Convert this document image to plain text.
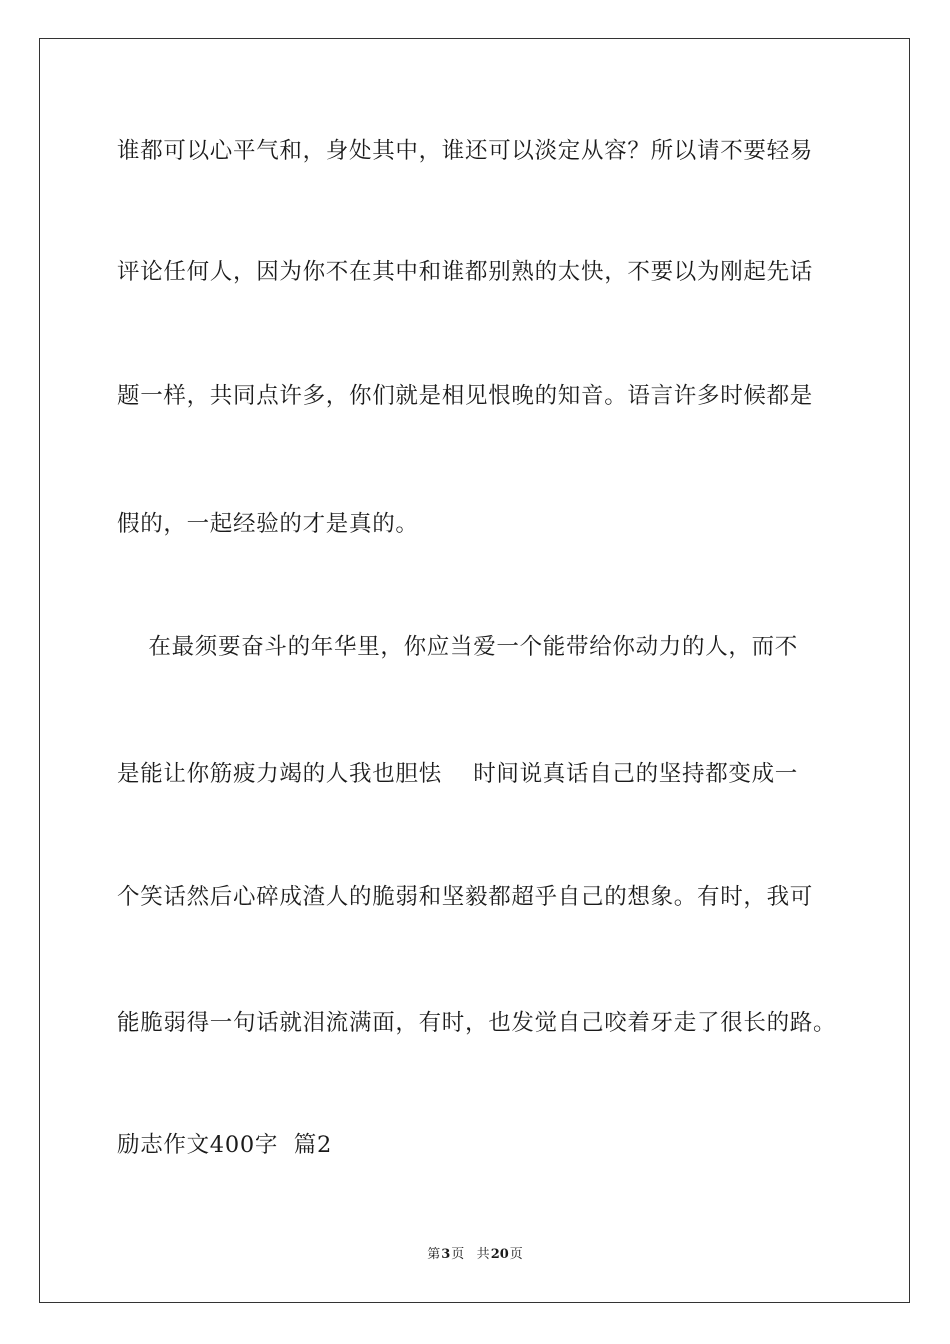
谁都可以心平气和，身处其中，谁还可以淡定从容？所以请不要轻易
评论任何人，因为你不在其中和谁都别熟的太快，不要以为刚起先话
题一样，共同点许多，你们就是相见恨晚的知音。语言许多时候都是
假的，一起经验的才是真的。
在最须要奋斗的年华里，你应当爱一个能带给你动力的人，而不
是能让你筋疲力竭的人我也胆怯    时间说真话自己的坚持都变成一
个笑话然后心碎成渣人的脆弱和坚毅都超乎自己的想象。有时，我可
能脆弱得一句话就泪流满面，有时，也发觉自己咬着牙走了很长的路。
励志作文400字  篇2
第3页 共20页
